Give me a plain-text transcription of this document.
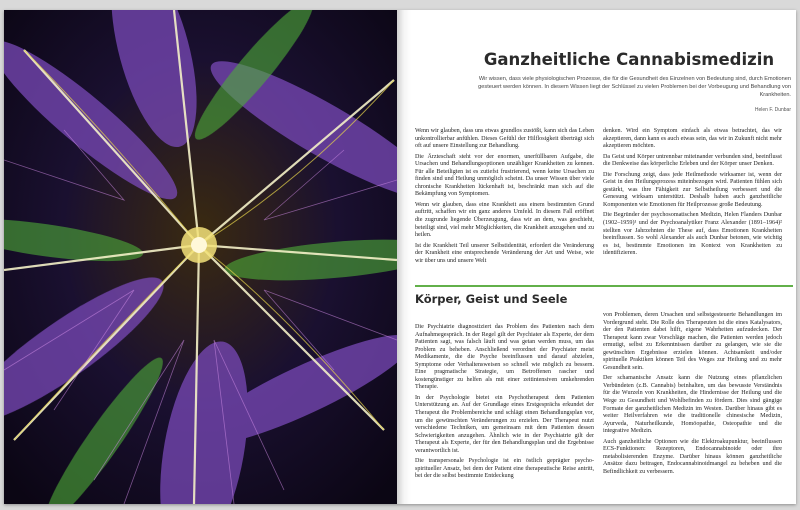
Ganzheitliche Cannabismedizin

Wir wissen, dass viele physiologischen Prozesse, die für die Gesundheit des Einzelnen von Bedeutung sind, durch Emotionen gesteuert werden können. In diesem Wissen liegt der Schlüssel zu vielen Problemen bei der Vorbeugung und Behandlung von Krankheiten.

Helen F. Dunbar

Wenn wir glauben, dass uns etwas grundlos zustößt, kann sich das Leben unkontrollierbar anfühlen. Dieses Gefühl der Hilflosigkeit überträgt sich oft auf unsere Einstellung zur Behandlung.

Die Ärzteschaft steht vor der enormen, unerfüllbaren Aufgabe, die Ursachen und Behandlungsoptionen unzähliger Krankheiten zu kennen. Für alle Beteiligten ist es zutiefst frustrierend, wenn keine Ursachen zu finden sind und Heilung unmöglich scheint. Da unser Wissen über viele chronische Krankheiten lückenhaft ist, beschränkt man sich auf die Bekämpfung von Symptomen.

Wenn wir glauben, dass eine Krankheit aus einem bestimmten Grund auftritt, schaffen wir ein ganz anderes Umfeld. In diesem Fall eröffnet die zugrunde liegende Überzeugung, dass wir an dem, was geschieht, beteiligt sind, viel mehr Möglichkeiten, die Krankheit anzugehen und zu heilen.

Ist die Krankheit Teil unserer Selbstidentität, erfordert die Veränderung der Krankheit eine entsprechende Veränderung der Art und Weise, wie wir über uns und unsere Welt

denken. Wird ein Symptom einfach als etwas betrachtet, das wir akzeptieren, dann kann es auch etwas sein, das wir in Zukunft nicht mehr akzeptieren möchten.

Da Geist und Körper untrennbar miteinander verbunden sind, beeinflusst die Denkweise das körperliche Erleben und der Körper unser Denken.

Die Forschung zeigt, dass jede Heilmethode wirksamer ist, wenn der Geist in den Heilungsprozess miteinbezogen wird. Patienten fühlen sich gestärkt, was ihre Fähigkeit zur Selbstheilung verbessert und die Genesung wirksam unterstützt. Deshalb haben auch ganzheitliche Komponenten wie Emotionen für Heilprozesse große Bedeutung.

Die Begründer der psychosomatischen Medizin, Helen Flanders Dunbar (1902–1959)¹ und der Psychoanalytiker Franz Alexander (1891–1964)² stellten vor Jahrzehnten die These auf, dass Emotionen Krankheiten beeinflussen. So wohl Alexander als auch Dunbar betonen, wie wichtig es ist, bestimmte Emotionen im Kontext von Krankheiten zu identifizieren.

Körper, Geist und Seele

Die Psychiatrie diagnostiziert das Problem des Patienten nach dem Aufnahmegespräch. In der Regel gilt der Psychiater als Experte, der dem Patienten sagt, was falsch läuft und was getan werden muss, um das Problem zu beheben. Anschließend verordnet der Psychiater meist Medikamente, die die Psyche beeinflussen und darauf abzielen, Symptome oder Verhaltensweisen so schnell wie möglich zu bessern. Eine pragmatische Strategie, um Betroffenen rascher und kostengünstiger zu helfen als mit einer zeitintensiven umkehrenden Therapie.

In der Psychologie bietet ein Psychotherapeut dem Patienten Unterstützung an. Auf der Grundlage eines Erstgesprächs erkundet der Therapeut die Problembereiche und schlägt einen Behandlungsplan vor, um die gewünschten Veränderungen zu erzielen. Der Therapeut nutzt verschiedene Techniken, um gemeinsam mit dem Patienten dessen Schwierigkeiten anzugehen. Ähnlich wie in der Psychiatrie gilt der Therapeut als Experte, der für den Behandlungsplan und die Ergebnisse verantwortlich ist.

Die transpersonale Psychologie ist ein östlich geprägter psycho-spiritueller Ansatz, bei dem der Patient eine therapeutische Reise antritt, bei der die selbst bestimmte Entdeckung

von Problemen, deren Ursachen und selbstgesteuerte Behandlungen im Vordergrund steht. Die Rolle des Therapeuten ist die eines Katalysators, der den Patienten dabei hilft, eigene Wahrheiten aufzudecken. Der Therapeut kann zwar Vorschläge machen, die Patienten werden jedoch ermutigt, selbst zu Erkenntnissen darüber zu gelangen, wie sie die gewünschten Ergebnisse erzielen können. Achtsamkeit und/oder spirituelle Praktiken können Teil des Weges zur Heilung und zu mehr Gesundheit sein.

Der schamanische Ansatz kann die Nutzung eines pflanzlichen Verbündeten (z.B. Cannabis) beinhalten, um das bewusste Verständnis für die Wurzeln von Krankheiten, die Hindernisse der Heilung und die Wege zu Gesundheit und Wohlbefinden zu fördern. Dies sind gängige Formate der ganzheitlichen Medizin im Westen. Darüber hinaus gibt es weiter Heilverfahren wie die traditionelle chinesische Medizin, Ayurveda, Naturheilkunde, Homöopathie, Osteopathie und die integrative Medizin.

Auch ganzheitliche Optionen wie die Elektroakupunktur, beeinflussen ECS-Funktionen: Rezeptoren, Endocannabinoide oder ihre metabolisierenden Enzyme. Darüber hinaus können ganzheitliche Ansätze dazu beitragen, Endocannabinoidmangel zu beheben und die Befindlichkeit zu verbessern.
